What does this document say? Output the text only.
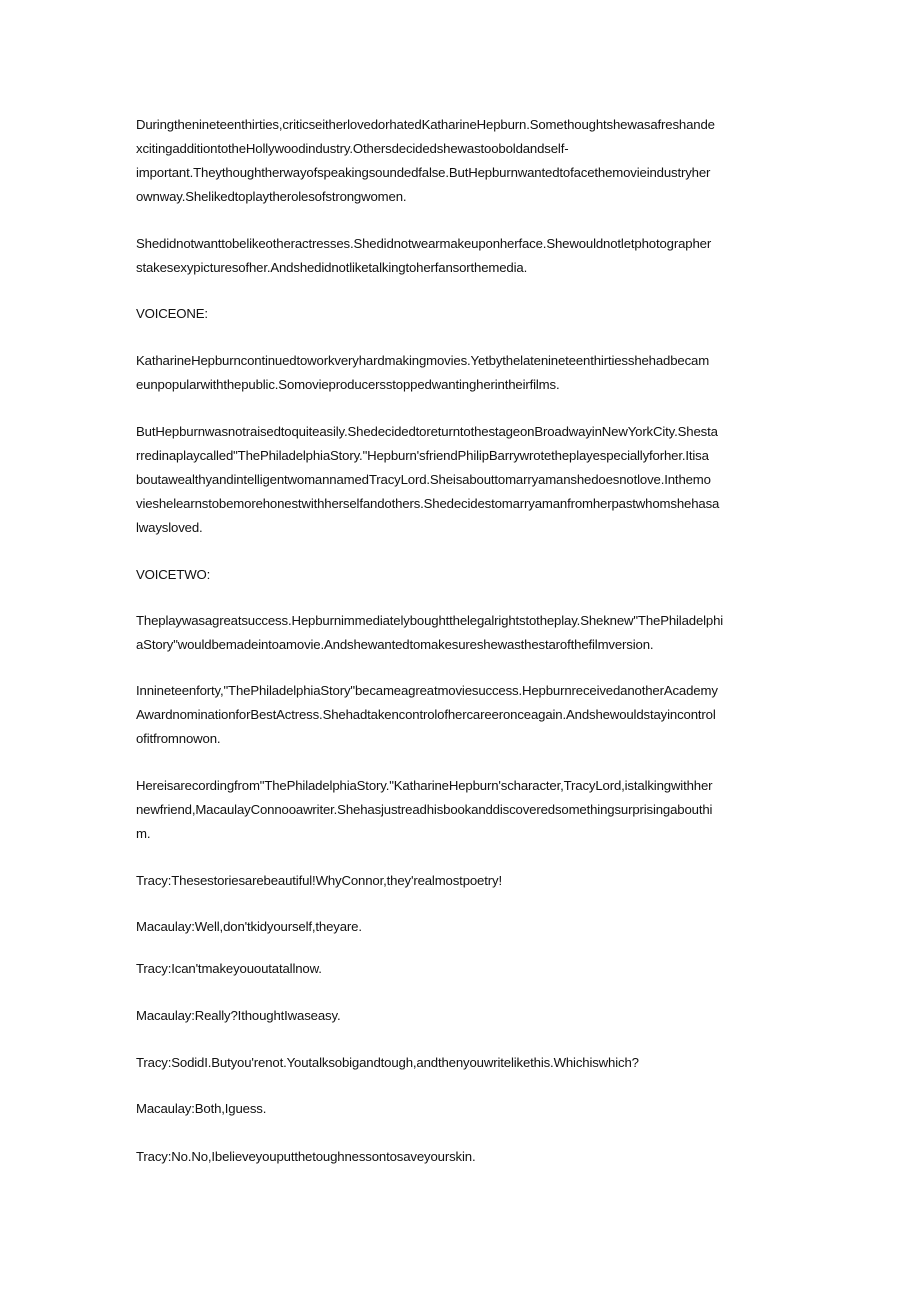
Duringthenineteenthirties,criticseitherlovedorhatedKatharineHepburn.Somethoughtshewasafreshande
xcitingadditiontotheHollywoodindustry.Othersdecidedshewastooboldandself-
important.Theythoughtherwayofspeakingsoundedfalse.ButHepburnwantedtofacethemovieindustryher
ownway.Shelikedtoplaytherolesofstrongwomen.
Shedidnotwanttobelikeotheractresses.Shedidnotwearmakeuponherface.Shewouldnotletphotographer
stakesexypicturesofher.Andshedidnotliketalkingtoherfansorthemedia.
VOICEONE:
KatharineHepburncontinuedtoworkveryhardmakingmovies.Yetbythelatenineteenthirtiesshehadbecam
eunpopularwiththepublic.Somovieproducersstoppedwantingherintheirfilms.
ButHepburnwasnotraisedtoquiteasily.ShedecidedtoreturntothestageonBroadwayinNewYorkCity.Shesta
rredinaplaycalled"ThePhiladelphiaStory."Hepburn'sfriendPhilipBarrywrotetheplayespeciallyforher.Itisa
boutawealthyandintelligentwomannamedTracyLord.Sheisabouttomarryamanshedoesnotlove.Inthemo
vieshelearnstobemorehonestwithherselfandothers.Shedecidestomarryamanfromherpastwhomshehasa
lwaysloved.
VOICETWO:
Theplaywasagreatsuccess.Hepburnimmediatelyboughtthelegalrightstotheplay.Sheknew"ThePhiladelphi
aStory"wouldbemadeintoamovie.Andshewantedtomakesureshewasthestarofthefilmversion.
Innineteenforty,"ThePhiladelphiaStory"becameagreatmoviesuccess.HepburnreceivedanotherAcademy
AwardnominationforBestActress.Shehadtakencontrolofhercareeronceagain.Andshewouldstayincontrol
ofitfromnowon.
Hereisarecordingfrom"ThePhiladelphiaStory."KatharineHepburn'scharacter,TracyLord,istalkingwithher
newfriend,MacaulayConnooawriter.Shehasjustreadhisbookanddiscoveredsomethingsurprisingabouthi
m.
Tracy:Thesestoriesarebeautiful!WhyConnor,they'realmostpoetry!
Macaulay:Well,don'tkidyourself,theyare.
Tracy:Ican'tmakeyououtatallnow.
Macaulay:Really?IthoughtIwaseasy.
Tracy:SodidI.Butyou'renot.Youtalksobigandtough,andthenyouwritelikethis.Whichiswhich?
Macaulay:Both,Iguess.
Tracy:No.No,Ibelieveyouputthetoughnessontosaveyourskin.
